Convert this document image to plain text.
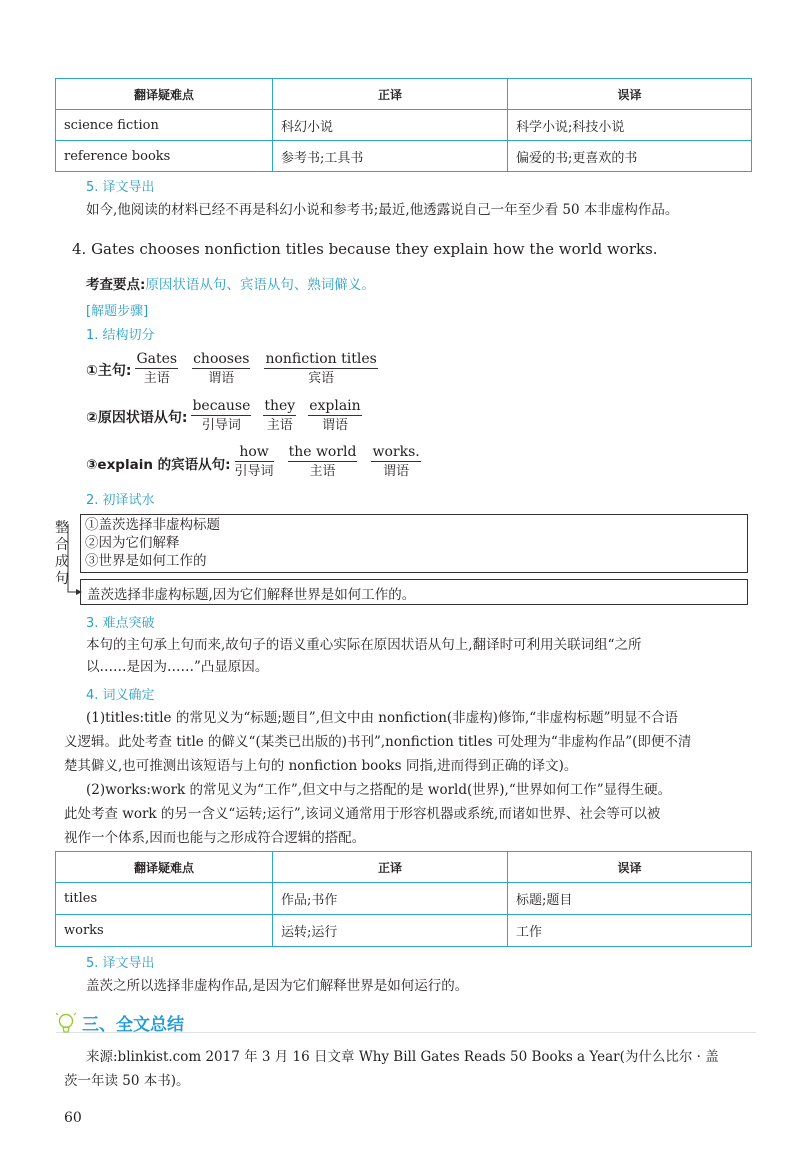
翻译疑难点	正译	误译
science fiction	科幻小说	科学小说;科技小说
reference books	参考书;工具书	偏爱的书;更喜欢的书
5. 译文导出
如今,他阅读的材料已经不再是科幻小说和参考书;最近,他透露说自己一年至少看 50 本非虚构作品。
4. Gates chooses nonfiction titles because they explain how the world works.
考查要点:原因状语从句、宾语从句、熟词僻义。
[解题步骤]
1. 结构切分
①主句:
Gates
主语
chooses
谓语
nonfiction titles
宾语
②原因状语从句:
because
引导词
they
主语
explain
谓语
③explain 的宾语从句:
how
引导词
the world
主语
works.
谓语
2. 初译试水
整
合
成
句
①盖茨选择非虚构标题
②因为它们解释
③世界是如何工作的
盖茨选择非虚构标题,因为它们解释世界是如何工作的。
3. 难点突破
本句的主句承上句而来,故句子的语义重心实际在原因状语从句上,翻译时可利用关联词组“之所
以……是因为……”凸显原因。
4. 词义确定
(1)titles:title 的常见义为“标题;题目”,但文中由 nonfiction(非虚构)修饰,“非虚构标题”明显不合语
义逻辑。此处考查 title 的僻义“(某类已出版的)书刊”,nonfiction titles 可处理为“非虚构作品”(即便不清
楚其僻义,也可推测出该短语与上句的 nonfiction books 同指,进而得到正确的译文)。
(2)works:work 的常见义为“工作”,但文中与之搭配的是 world(世界),“世界如何工作”显得生硬。
此处考查 work 的另一含义“运转;运行”,该词义通常用于形容机器或系统,而诸如世界、社会等可以被
视作一个体系,因而也能与之形成符合逻辑的搭配。
翻译疑难点	正译	误译
titles	作品;书作	标题;题目
works	运转;运行	工作
5. 译文导出
盖茨之所以选择非虚构作品,是因为它们解释世界是如何运行的。
三、全文总结
来源:blinkist.com 2017 年 3 月 16 日文章 Why Bill Gates Reads 50 Books a Year(为什么比尔 · 盖
茨一年读 50 本书)。
60
